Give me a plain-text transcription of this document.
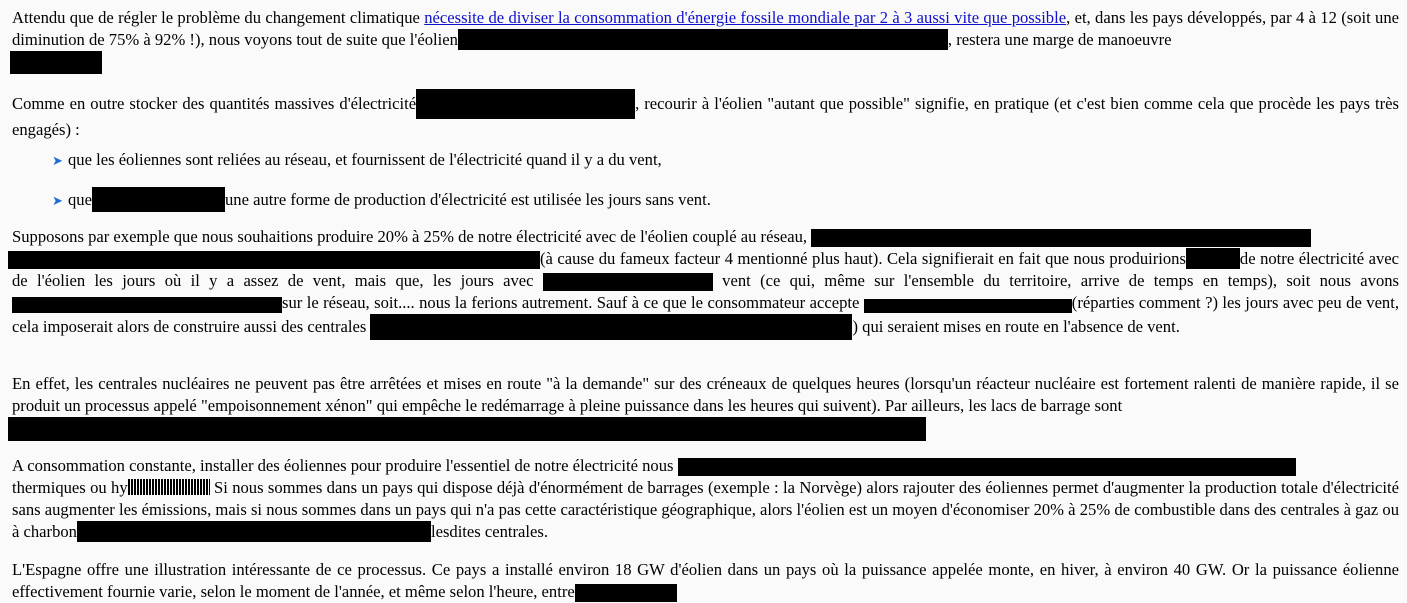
Attendu que de régler le problème du changement climatique nécessite de diviser la consommation d'énergie fossile mondiale par 2 à 3 aussi vite que possible, et, dans les pays développés, par 4 à 12 (soit une diminution de 75% à 92% !), nous voyons tout de suite que l'éolien	, restera une marge de manoeuvre

Comme en outre stocker des quantités massives d'électricité	, recourir à l'éolien "autant que possible" signifie, en pratique (et c'est bien comme cela que procède les pays très engagés) :

➤ que les éoliennes sont reliées au réseau, et fournissent de l'électricité quand il y a du vent,
➤ que	une autre forme de production d'électricité est utilisée les jours sans vent.

Supposons par exemple que nous souhaitions produire 20% à 25% de notre électricité avec de l'éolien couplé au réseau,
(à cause du fameux facteur 4 mentionné plus haut). Cela signifierait en fait que nous produirions	de notre électricité avec de l'éolien les jours où il y a assez de vent, mais que, les jours avec	vent (ce qui, même sur l'ensemble du territoire, arrive de temps en temps), soit nous avonssur le réseau, soit.... nous la ferions autrement. Sauf à ce que le consommateur accepte	(réparties comment ?) les jours avec peu de vent, cela imposerait alors de construire aussi des centrales	) qui seraient mises en route en l'absence de vent.

En effet, les centrales nucléaires ne peuvent pas être arrêtées et mises en route "à la demande" sur des créneaux de quelques heures (lorsqu'un réacteur nucléaire est fortement ralenti de manière rapide, il se produit un processus appelé "empoisonnement xénon" qui empêche le redémarrage à pleine puissance dans les heures qui suivent). Par ailleurs, les lacs de barrage sont

A consommation constante, installer des éoliennes pour produire l'essentiel de notre électricité nous
thermiques ou hy	Si nous sommes dans un pays qui dispose déjà d'énormément de barrages (exemple : la Norvège) alors rajouter des éoliennes permet d'augmenter la production totale d'électricité sans augmenter les émissions, mais si nous sommes dans un pays qui n'a pas cette caractéristique géographique, alors l'éolien est un moyen d'économiser 20% à 25% de combustible dans des centrales à gaz ou à charbon	lesdites centrales.

L'Espagne offre une illustration intéressante de ce processus. Ce pays a installé environ 18 GW d'éolien dans un pays où la puissance appelée monte, en hiver, à environ 40 GW. Or la puissance éolienne effectivement fournie varie, selon le moment de l'année, et même selon l'heure, entre
